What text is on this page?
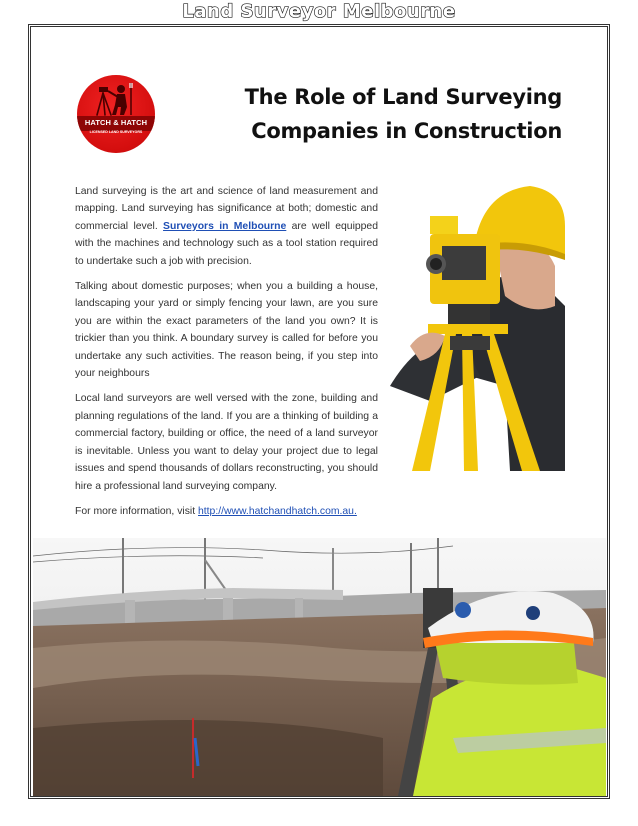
Land Surveyor Melbourne
HATCH & HATCH
LICENSED LAND SURVEYORS
The Role of Land Surveying
Companies in Construction

Land surveying is the art and science of land measurement and mapping. Land surveying has significance at both; domestic and commercial level. Surveyors in Melbourne are well equipped with the machines and technology such as a tool station required to undertake such a job with precision.

Talking about domestic purposes; when you a building a house, landscaping your yard or simply fencing your lawn, are you sure you are within the exact parameters of the land you own? It is trickier than you think. A boundary survey is called for before you undertake any such activities. The reason being, if you step into your neighbours

Local land surveyors are well versed with the zone, building and planning regulations of the land. If you are a thinking of building a commercial factory, building or office, the need of a land surveyor is inevitable. Unless you want to delay your project due to legal issues and spend thousands of dollars reconstructing, you should hire a professional land surveying company.

For more information, visit http://www.hatchandhatch.com.au.
